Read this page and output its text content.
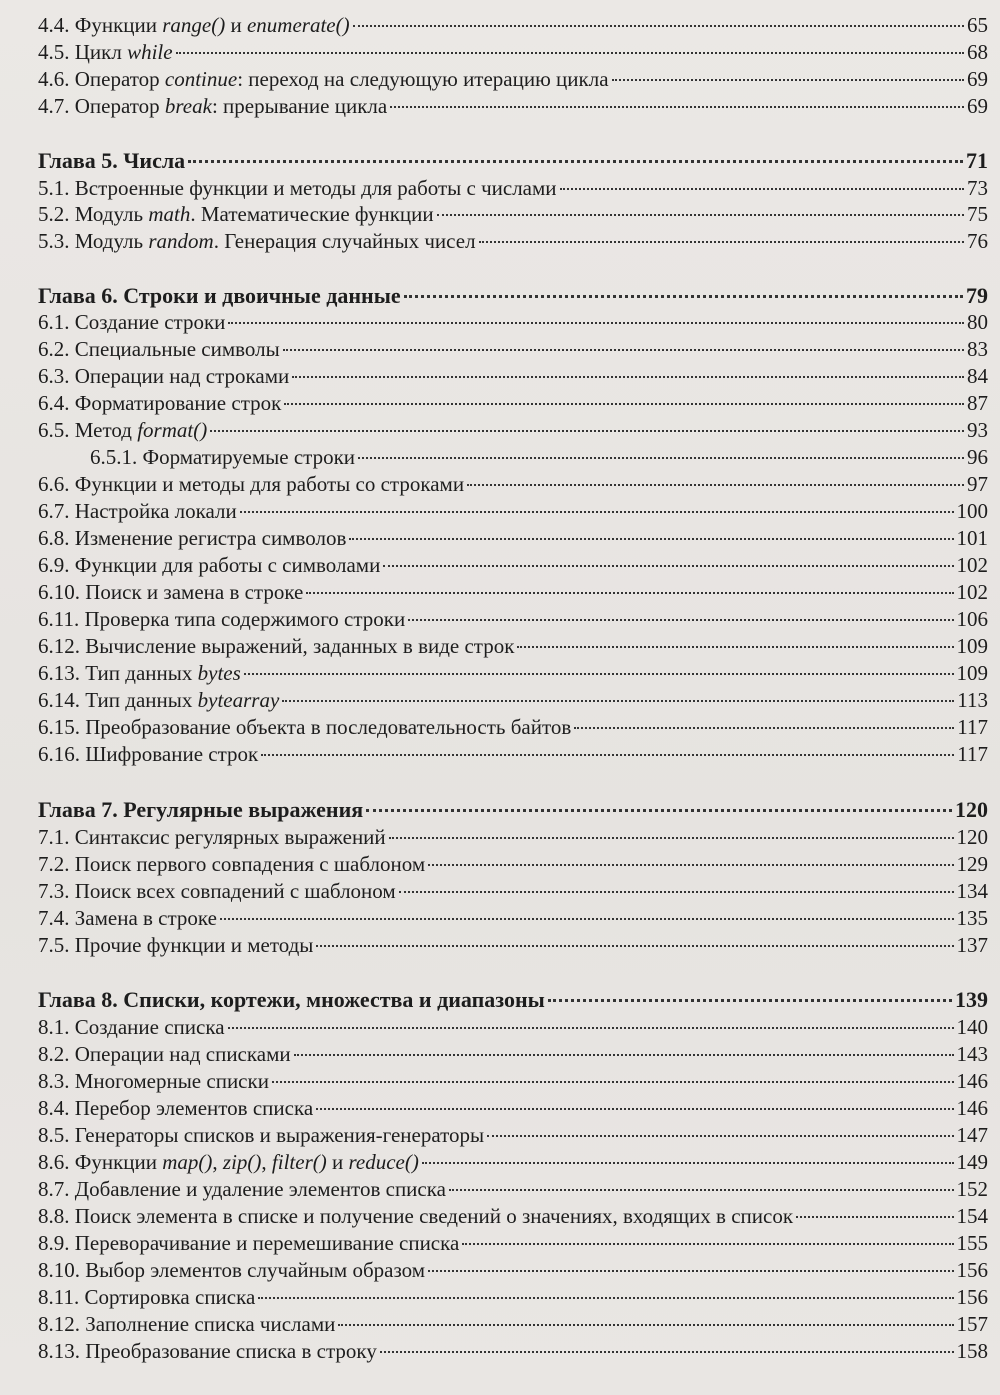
4.4. Функции range() и enumerate()	65
4.5. Цикл while	68
4.6. Оператор continue: переход на следующую итерацию цикла	69
4.7. Оператор break: прерывание цикла	69
Глава 5. Числа	71
5.1. Встроенные функции и методы для работы с числами	73
5.2. Модуль math. Математические функции	75
5.3. Модуль random. Генерация случайных чисел	76
Глава 6. Строки и двоичные данные	79
6.1. Создание строки	80
6.2. Специальные символы	83
6.3. Операции над строками	84
6.4. Форматирование строк	87
6.5. Метод format()	93
6.5.1. Форматируемые строки	96
6.6. Функции и методы для работы со строками	97
6.7. Настройка локали	100
6.8. Изменение регистра символов	101
6.9. Функции для работы с символами	102
6.10. Поиск и замена в строке	102
6.11. Проверка типа содержимого строки	106
6.12. Вычисление выражений, заданных в виде строк	109
6.13. Тип данных bytes	109
6.14. Тип данных bytearray	113
6.15. Преобразование объекта в последовательность байтов	117
6.16. Шифрование строк	117
Глава 7. Регулярные выражения	120
7.1. Синтаксис регулярных выражений	120
7.2. Поиск первого совпадения с шаблоном	129
7.3. Поиск всех совпадений с шаблоном	134
7.4. Замена в строке	135
7.5. Прочие функции и методы	137
Глава 8. Списки, кортежи, множества и диапазоны	139
8.1. Создание списка	140
8.2. Операции над списками	143
8.3. Многомерные списки	146
8.4. Перебор элементов списка	146
8.5. Генераторы списков и выражения-генераторы	147
8.6. Функции map(), zip(), filter() и reduce()	149
8.7. Добавление и удаление элементов списка	152
8.8. Поиск элемента в списке и получение сведений о значениях, входящих в список	154
8.9. Переворачивание и перемешивание списка	155
8.10. Выбор элементов случайным образом	156
8.11. Сортировка списка	156
8.12. Заполнение списка числами	157
8.13. Преобразование списка в строку	158
